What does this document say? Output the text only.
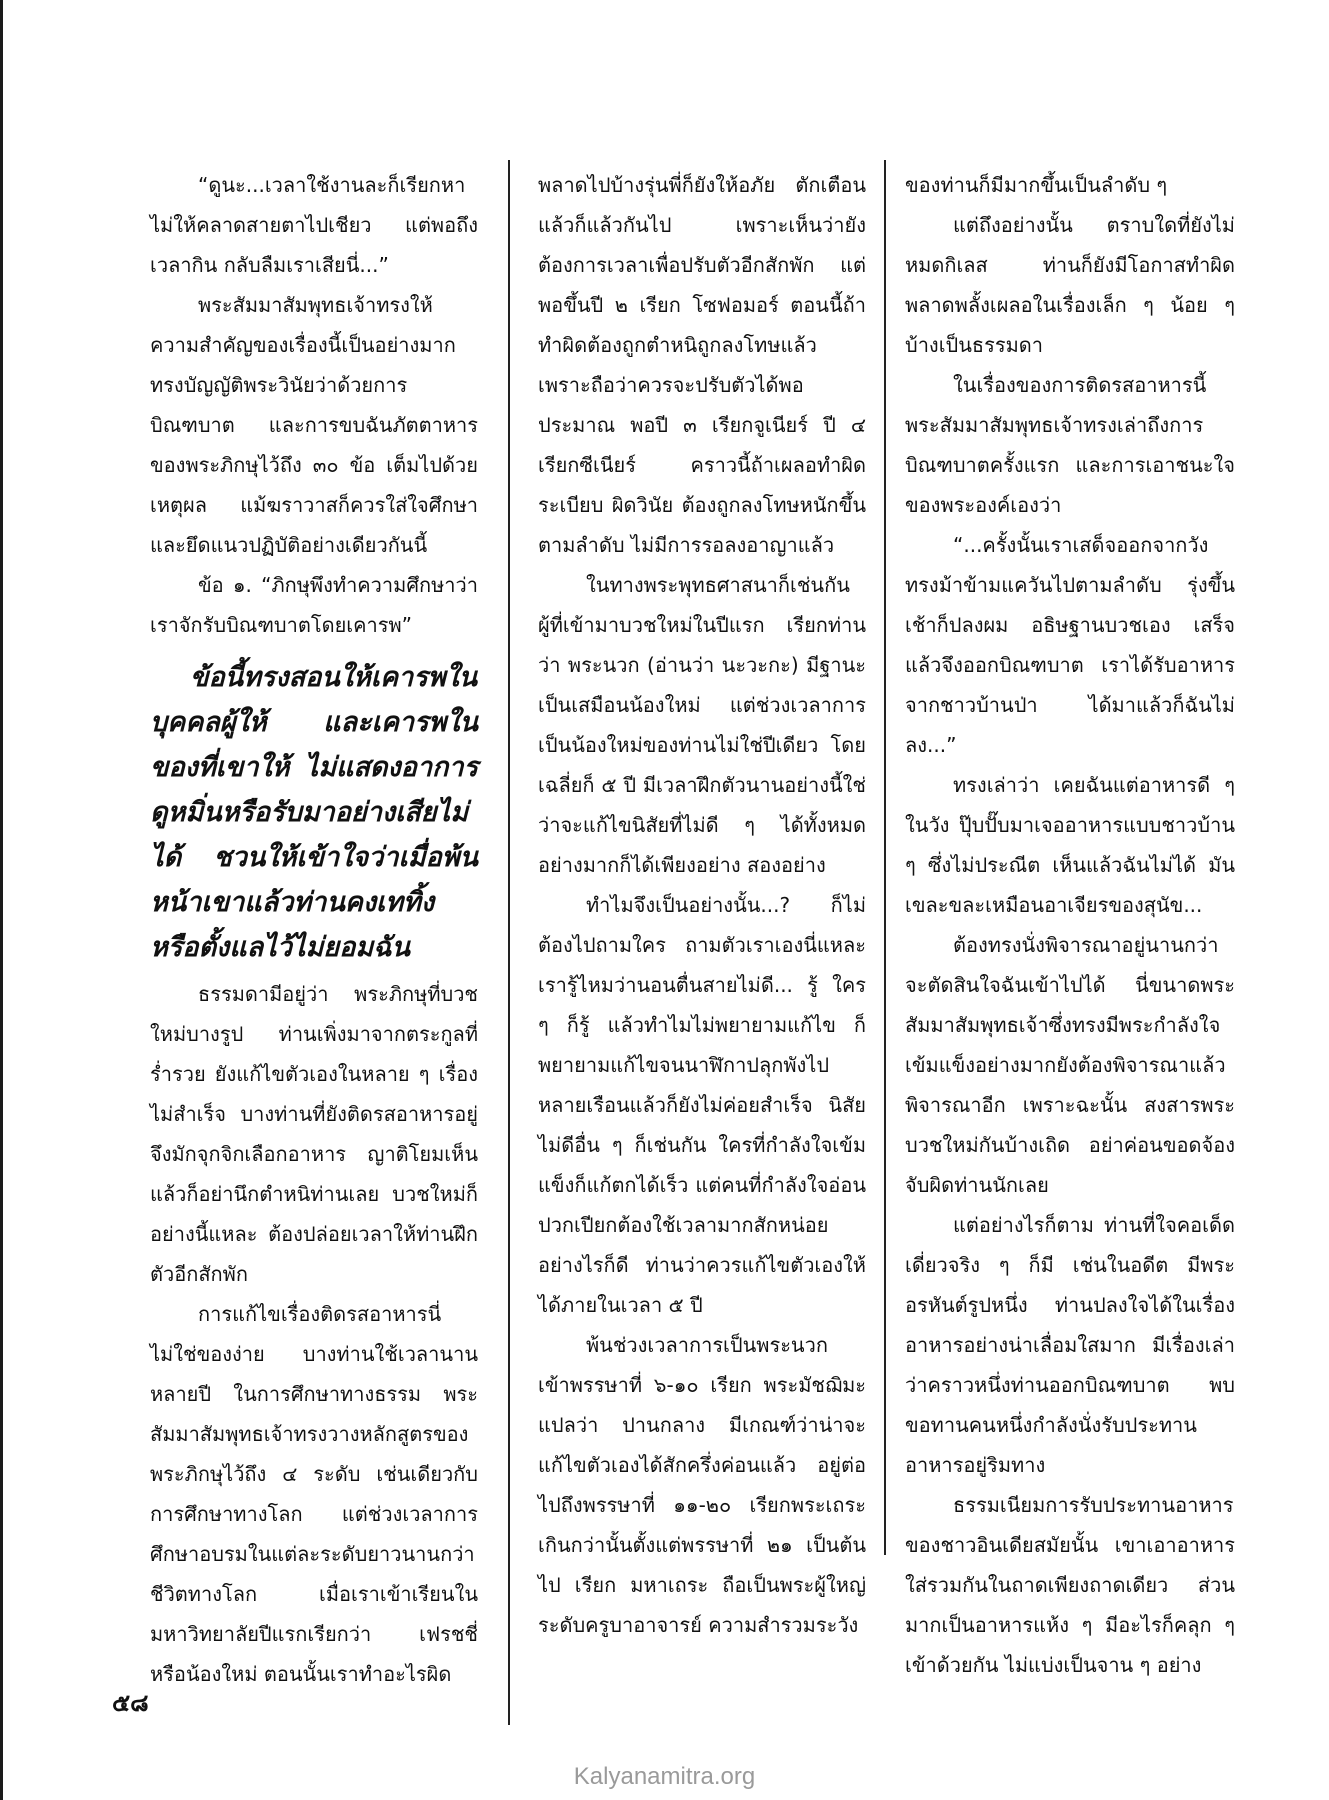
“ดูนะ...เวลาใช้งานละก็เรียกหา ไม่ให้คลาดสายตาไปเชียว แต่พอถึงเวลากิน กลับลืมเราเสียนี่...”

พระสัมมาสัมพุทธเจ้าทรงให้ความสำคัญของเรื่องนี้เป็นอย่างมาก ทรงบัญญัติพระวินัยว่าด้วยการบิณฑบาต และการขบฉันภัตตาหารของพระภิกษุไว้ถึง ๓๐ ข้อ เต็มไปด้วยเหตุผล แม้ฆราวาสก็ควรใส่ใจศึกษาและยึดแนวปฏิบัติอย่างเดียวกันนี้

ข้อ ๑. “ภิกษุพึงทำความศึกษาว่า เราจักรับบิณฑบาตโดยเคารพ”

ข้อนี้ทรงสอนให้เคารพในบุคคลผู้ให้ และเคารพในของที่เขาให้ ไม่แสดงอาการดูหมิ่นหรือรับมาอย่างเสียไม่ได้ ชวนให้เข้าใจว่าเมื่อพ้นหน้าเขาแล้วท่านคงเททิ้ง หรือตั้งแลไว้ไม่ยอมฉัน

ธรรมดามีอยู่ว่า พระภิกษุที่บวชใหม่บางรูป ท่านเพิ่งมาจากตระกูลที่ร่ำรวย ยังแก้ไขตัวเองในหลาย ๆ เรื่องไม่สำเร็จ บางท่านที่ยังติดรสอาหารอยู่จึงมักจุกจิกเลือกอาหาร ญาติโยมเห็นแล้วก็อย่านึกตำหนิท่านเลย บวชใหม่ก็อย่างนี้แหละ ต้องปล่อยเวลาให้ท่านฝึกตัวอีกสักพัก

การแก้ไขเรื่องติดรสอาหารนี่ไม่ใช่ของง่าย บางท่านใช้เวลานานหลายปี ในการศึกษาทางธรรม พระสัมมาสัมพุทธเจ้าทรงวางหลักสูตรของพระภิกษุไว้ถึง ๔ ระดับ เช่นเดียวกับการศึกษาทางโลก แต่ช่วงเวลาการศึกษาอบรมในแต่ละระดับยาวนานกว่าชีวิตทางโลก เมื่อเราเข้าเรียนในมหาวิทยาลัยปีแรกเรียกว่า เฟรชชี่ หรือน้องใหม่ ตอนนั้นเราทำอะไรผิด

พลาดไปบ้างรุ่นพี่ก็ยังให้อภัย ตักเตือนแล้วก็แล้วกันไป เพราะเห็นว่ายังต้องการเวลาเพื่อปรับตัวอีกสักพัก แต่พอขึ้นปี ๒ เรียก โซฟอมอร์ ตอนนี้ถ้าทำผิดต้องถูกตำหนิถูกลงโทษแล้ว เพราะถือว่าควรจะปรับตัวได้พอประมาณ พอปี ๓ เรียกจูเนียร์ ปี ๔ เรียกซีเนียร์ คราวนี้ถ้าเผลอทำผิดระเบียบ ผิดวินัย ต้องถูกลงโทษหนักขึ้นตามลำดับ ไม่มีการรอลงอาญาแล้ว

ในทางพระพุทธศาสนาก็เช่นกัน ผู้ที่เข้ามาบวชใหม่ในปีแรก เรียกท่านว่า พระนวก (อ่านว่า นะวะกะ) มีฐานะเป็นเสมือนน้องใหม่ แต่ช่วงเวลาการเป็นน้องใหม่ของท่านไม่ใช่ปีเดียว โดยเฉลี่ยก็ ๕ ปี มีเวลาฝึกตัวนานอย่างนี้ใช่ว่าจะแก้ไขนิสัยที่ไม่ดี ๆ ได้ทั้งหมด อย่างมากก็ได้เพียงอย่าง สองอย่าง

ทำไมจึงเป็นอย่างนั้น...? ก็ไม่ต้องไปถามใคร ถามตัวเราเองนี่แหละ เรารู้ไหมว่านอนตื่นสายไม่ดี... รู้ ใคร ๆ ก็รู้ แล้วทำไมไม่พยายามแก้ไข ก็พยายามแก้ไขจนนาฬิกาปลุกพังไปหลายเรือนแล้วก็ยังไม่ค่อยสำเร็จ นิสัยไม่ดีอื่น ๆ ก็เช่นกัน ใครที่กำลังใจเข้มแข็งก็แก้ตกได้เร็ว แต่คนที่กำลังใจอ่อนปวกเปียกต้องใช้เวลามากสักหน่อย อย่างไรก็ดี ท่านว่าควรแก้ไขตัวเองให้ได้ภายในเวลา ๕ ปี

พ้นช่วงเวลาการเป็นพระนวก เข้าพรรษาที่ ๖-๑๐ เรียก พระมัชฌิมะ แปลว่า ปานกลาง มีเกณฑ์ว่าน่าจะแก้ไขตัวเองได้สักครึ่งค่อนแล้ว อยู่ต่อไปถึงพรรษาที่ ๑๑-๒๐ เรียกพระเถระ เกินกว่านั้นตั้งแต่พรรษาที่ ๒๑ เป็นต้นไป เรียก มหาเถระ ถือเป็นพระผู้ใหญ่ระดับครูบาอาจารย์ ความสำรวมระวัง

ของท่านก็มีมากขึ้นเป็นลำดับ ๆ

แต่ถึงอย่างนั้น ตราบใดที่ยังไม่หมดกิเลส ท่านก็ยังมีโอกาสทำผิดพลาดพลั้งเผลอในเรื่องเล็ก ๆ น้อย ๆ บ้างเป็นธรรมดา

ในเรื่องของการติดรสอาหารนี้พระสัมมาสัมพุทธเจ้าทรงเล่าถึงการบิณฑบาตครั้งแรก และการเอาชนะใจของพระองค์เองว่า

“...ครั้งนั้นเราเสด็จออกจากวังทรงม้าข้ามแควันไปตามลำดับ รุ่งขึ้นเช้าก็ปลงผม อธิษฐานบวชเอง เสร็จแล้วจึงออกบิณฑบาต เราได้รับอาหารจากชาวบ้านป่า ได้มาแล้วก็ฉันไม่ลง...”

ทรงเล่าว่า เคยฉันแต่อาหารดี ๆ ในวัง ปุ๊บปั๊บมาเจออาหารแบบชาวบ้าน ๆ ซึ่งไม่ประณีต เห็นแล้วฉันไม่ได้ มันเขละขละเหมือนอาเจียรของสุนัข...

ต้องทรงนั่งพิจารณาอยู่นานกว่าจะตัดสินใจฉันเข้าไปได้ นี่ขนาดพระสัมมาสัมพุทธเจ้าซึ่งทรงมีพระกำลังใจเข้มแข็งอย่างมากยังต้องพิจารณาแล้วพิจารณาอีก เพราะฉะนั้น สงสารพระบวชใหม่กันบ้างเถิด อย่าค่อนขอดจ้องจับผิดท่านนักเลย

แต่อย่างไรก็ตาม ท่านที่ใจคอเด็ดเดี่ยวจริง ๆ ก็มี เช่นในอดีต มีพระอรหันต์รูปหนึ่ง ท่านปลงใจได้ในเรื่องอาหารอย่างน่าเลื่อมใสมาก มีเรื่องเล่าว่าคราวหนึ่งท่านออกบิณฑบาต พบขอทานคนหนึ่งกำลังนั่งรับประทานอาหารอยู่ริมทาง

ธรรมเนียมการรับประทานอาหารของชาวอินเดียสมัยนั้น เขาเอาอาหารใส่รวมกันในถาดเพียงถาดเดียว ส่วนมากเป็นอาหารแห้ง ๆ มีอะไรก็คลุก ๆ เข้าด้วยกัน ไม่แบ่งเป็นจาน ๆ อย่าง

๕๘
Kalyanamitra.org
